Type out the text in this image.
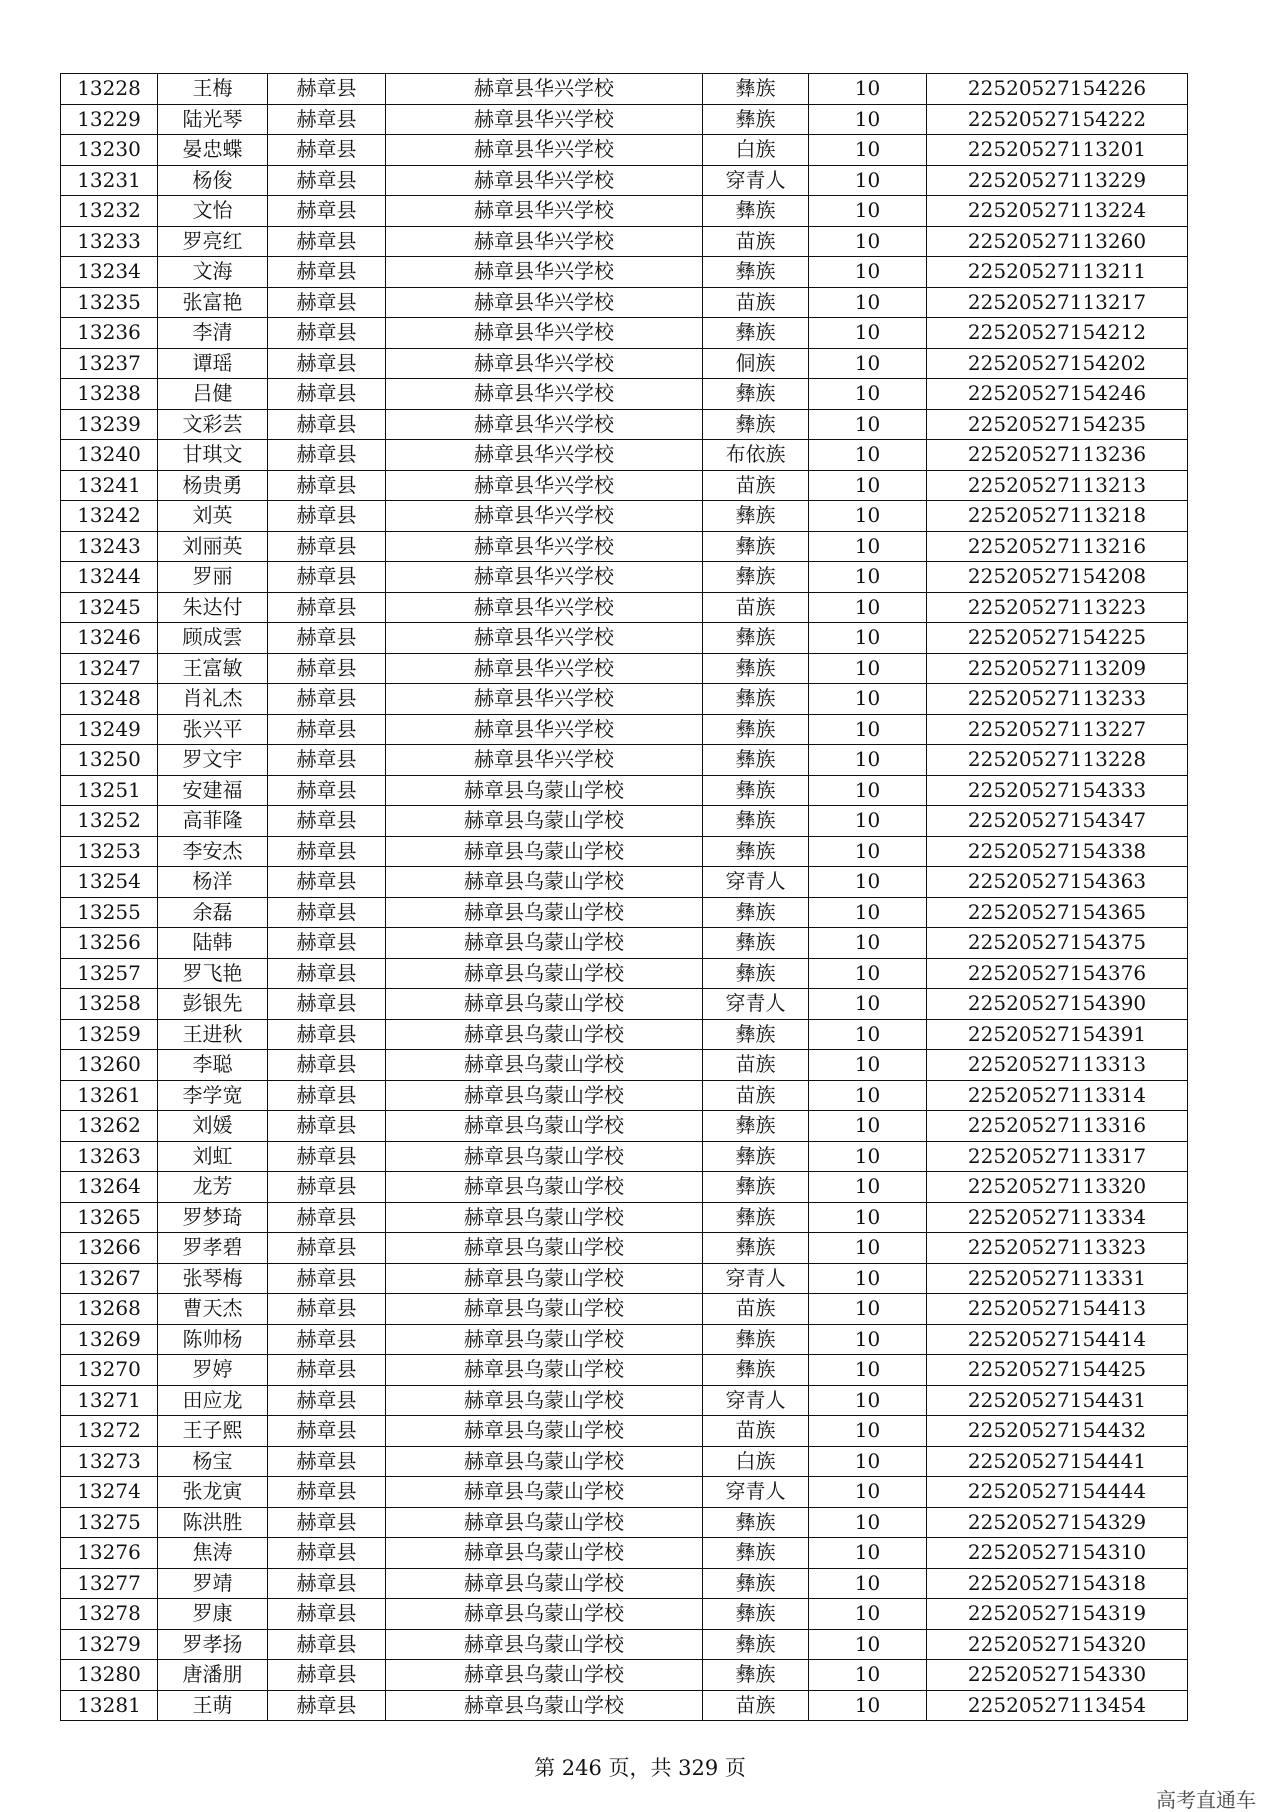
13228	王梅	赫章县	赫章县华兴学校	彝族	10	22520527154226
13229	陆光琴	赫章县	赫章县华兴学校	彝族	10	22520527154222
13230	晏忠蝶	赫章县	赫章县华兴学校	白族	10	22520527113201
13231	杨俊	赫章县	赫章县华兴学校	穿青人	10	22520527113229
13232	文怡	赫章县	赫章县华兴学校	彝族	10	22520527113224
13233	罗亮红	赫章县	赫章县华兴学校	苗族	10	22520527113260
13234	文海	赫章县	赫章县华兴学校	彝族	10	22520527113211
13235	张富艳	赫章县	赫章县华兴学校	苗族	10	22520527113217
13236	李清	赫章县	赫章县华兴学校	彝族	10	22520527154212
13237	谭瑶	赫章县	赫章县华兴学校	侗族	10	22520527154202
13238	吕健	赫章县	赫章县华兴学校	彝族	10	22520527154246
13239	文彩芸	赫章县	赫章县华兴学校	彝族	10	22520527154235
13240	甘琪文	赫章县	赫章县华兴学校	布依族	10	22520527113236
13241	杨贵勇	赫章县	赫章县华兴学校	苗族	10	22520527113213
13242	刘英	赫章县	赫章县华兴学校	彝族	10	22520527113218
13243	刘丽英	赫章县	赫章县华兴学校	彝族	10	22520527113216
13244	罗丽	赫章县	赫章县华兴学校	彝族	10	22520527154208
13245	朱达付	赫章县	赫章县华兴学校	苗族	10	22520527113223
13246	顾成雲	赫章县	赫章县华兴学校	彝族	10	22520527154225
13247	王富敏	赫章县	赫章县华兴学校	彝族	10	22520527113209
13248	肖礼杰	赫章县	赫章县华兴学校	彝族	10	22520527113233
13249	张兴平	赫章县	赫章县华兴学校	彝族	10	22520527113227
13250	罗文宇	赫章县	赫章县华兴学校	彝族	10	22520527113228
13251	安建福	赫章县	赫章县乌蒙山学校	彝族	10	22520527154333
13252	高菲隆	赫章县	赫章县乌蒙山学校	彝族	10	22520527154347
13253	李安杰	赫章县	赫章县乌蒙山学校	彝族	10	22520527154338
13254	杨洋	赫章县	赫章县乌蒙山学校	穿青人	10	22520527154363
13255	余磊	赫章县	赫章县乌蒙山学校	彝族	10	22520527154365
13256	陆韩	赫章县	赫章县乌蒙山学校	彝族	10	22520527154375
13257	罗飞艳	赫章县	赫章县乌蒙山学校	彝族	10	22520527154376
13258	彭银先	赫章县	赫章县乌蒙山学校	穿青人	10	22520527154390
13259	王进秋	赫章县	赫章县乌蒙山学校	彝族	10	22520527154391
13260	李聪	赫章县	赫章县乌蒙山学校	苗族	10	22520527113313
13261	李学宽	赫章县	赫章县乌蒙山学校	苗族	10	22520527113314
13262	刘媛	赫章县	赫章县乌蒙山学校	彝族	10	22520527113316
13263	刘虹	赫章县	赫章县乌蒙山学校	彝族	10	22520527113317
13264	龙芳	赫章县	赫章县乌蒙山学校	彝族	10	22520527113320
13265	罗梦琦	赫章县	赫章县乌蒙山学校	彝族	10	22520527113334
13266	罗孝碧	赫章县	赫章县乌蒙山学校	彝族	10	22520527113323
13267	张琴梅	赫章县	赫章县乌蒙山学校	穿青人	10	22520527113331
13268	曹天杰	赫章县	赫章县乌蒙山学校	苗族	10	22520527154413
13269	陈帅杨	赫章县	赫章县乌蒙山学校	彝族	10	22520527154414
13270	罗婷	赫章县	赫章县乌蒙山学校	彝族	10	22520527154425
13271	田应龙	赫章县	赫章县乌蒙山学校	穿青人	10	22520527154431
13272	王子熙	赫章县	赫章县乌蒙山学校	苗族	10	22520527154432
13273	杨宝	赫章县	赫章县乌蒙山学校	白族	10	22520527154441
13274	张龙寅	赫章县	赫章县乌蒙山学校	穿青人	10	22520527154444
13275	陈洪胜	赫章县	赫章县乌蒙山学校	彝族	10	22520527154329
13276	焦涛	赫章县	赫章县乌蒙山学校	彝族	10	22520527154310
13277	罗靖	赫章县	赫章县乌蒙山学校	彝族	10	22520527154318
13278	罗康	赫章县	赫章县乌蒙山学校	彝族	10	22520527154319
13279	罗孝扬	赫章县	赫章县乌蒙山学校	彝族	10	22520527154320
13280	唐潘朋	赫章县	赫章县乌蒙山学校	彝族	10	22520527154330
13281	王萌	赫章县	赫章县乌蒙山学校	苗族	10	22520527113454
第 246 页，共 329 页
高考直通车
